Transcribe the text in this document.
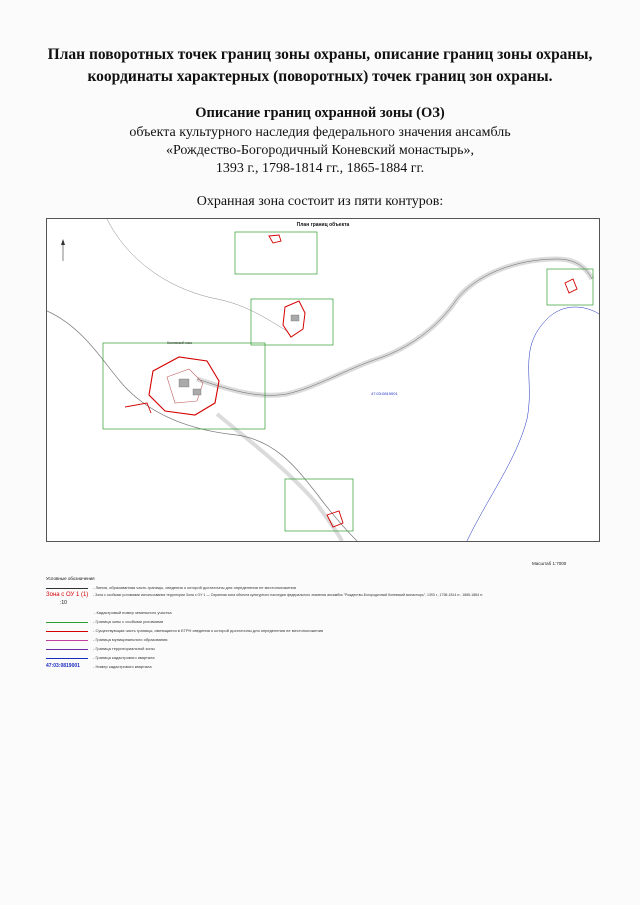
План поворотных точек границ зоны охраны, описание границ зоны охраны,
координаты характерных (поворотных) точек границ зон охраны.
Описание границ охранной зоны (ОЗ)
объекта культурного наследия федерального значения ансамбль
«Рождество-Богородичный Коневский монастырь»,
1393 г., 1798-1814 гг., 1865-1884 гг.
Охранная зона состоит из пяти контуров:
План границ объекта
Коневский мыс
47:03:0819001
Масштаб 1:7000
Условные обозначения
- Линия, образованная часть границы, сведения о которой достаточны для определения ее местоположения
Зона с ОУ 1 (1)
:10
- Зона с особыми условиями использования территории Зона с ОУ 1 — Охранная зона объекта культурного наследия федерального значения ансамбль "Рождество-Богородичный Коневский монастырь", 1393 г., 1798-1814 гг., 1865-1884 гг.
- Кадастровый номер земельного участка
- Граница зоны с особыми условиями
- Существующая часть границы, имеющиеся в ЕГРН сведения о которой достаточны для определения ее местоположения
- Граница муниципального образования
- Граница территориальной зоны
- Граница кадастрового квартала
47:03:0819001	- Номер кадастрового квартала
